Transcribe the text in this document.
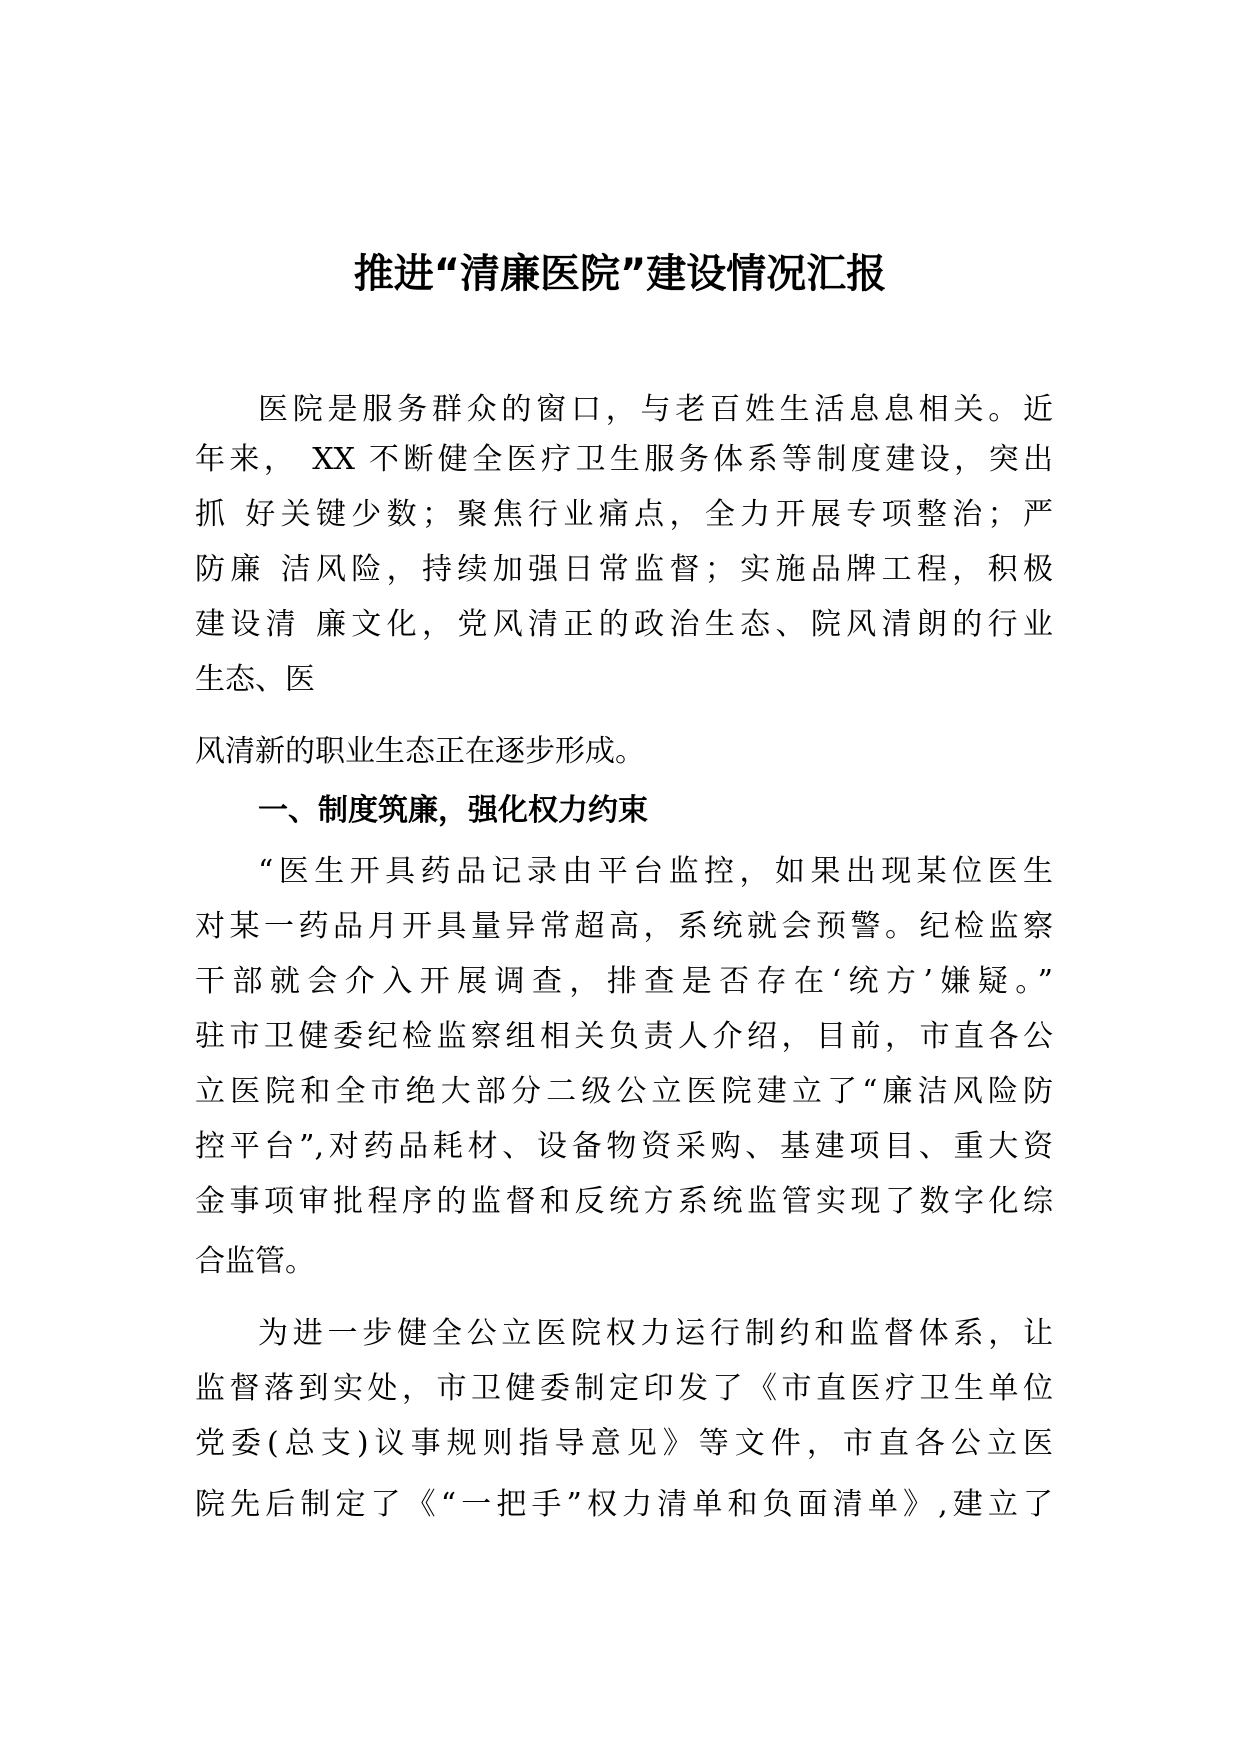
推进“清廉医院”建设情况汇报
医院是服务群众的窗口，与老百姓生活息息相关。近
年来， XX 不断健全医疗卫生服务体系等制度建设，突出
抓 好关键少数；聚焦行业痛点，全力开展专项整治；严
防廉 洁风险，持续加强日常监督；实施品牌工程，积极
建设清 廉文化，党风清正的政治生态、院风清朗的行业
生态、医
风清新的职业生态正在逐步形成。
一、制度筑廉，强化权力约束
“医生开具药品记录由平台监控，如果出现某位医生
对某一药品月开具量异常超高，系统就会预警。纪检监察
干部就会介入开展调查，排查是否存在‘统方’嫌疑。”
驻市卫健委纪检监察组相关负责人介绍，目前，市直各公
立医院和全市绝大部分二级公立医院建立了“廉洁风险防
控平台”,对药品耗材、设备物资采购、基建项目、重大资
金事项审批程序的监督和反统方系统监管实现了数字化综
合监管。
为进一步健全公立医院权力运行制约和监督体系，让
监督落到实处，市卫健委制定印发了《市直医疗卫生单位
党委(总支)议事规则指导意见》等文件，市直各公立医
院先后制定了《“一把手”权力清单和负面清单》,建立了
